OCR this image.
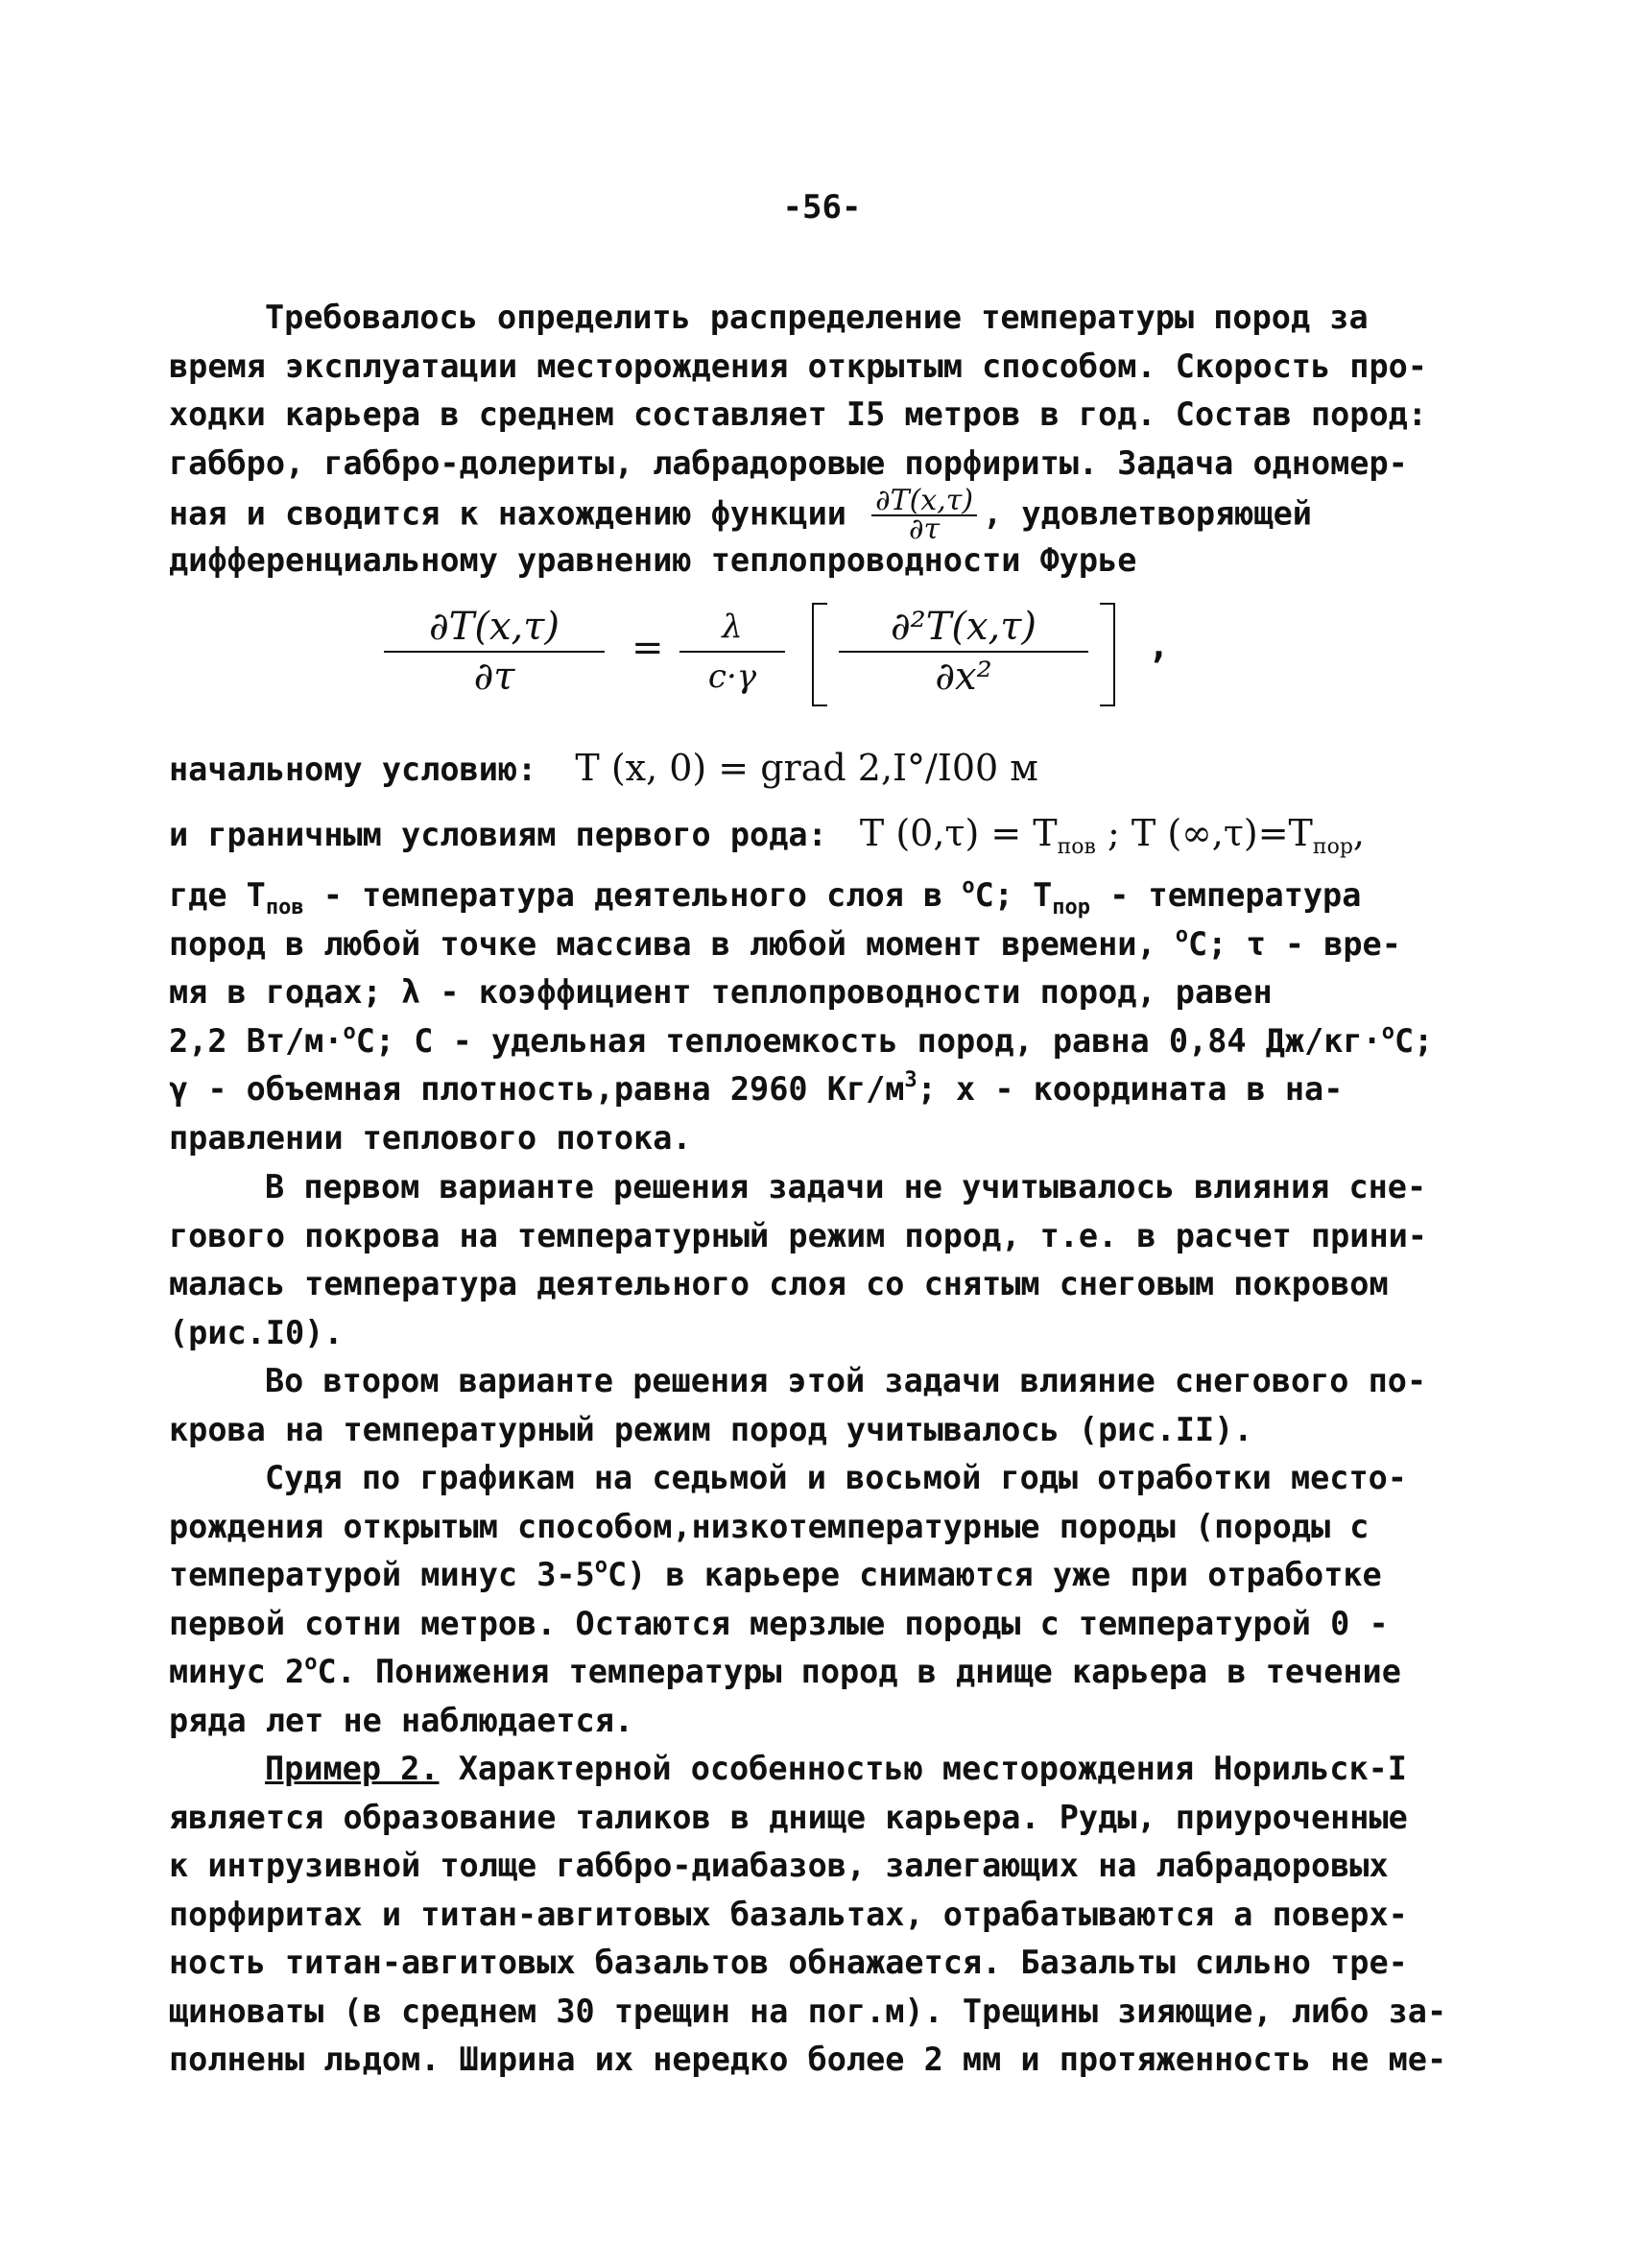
-56-
Требовалось определить распределение температуры пород за
время эксплуатации месторождения открытым способом. Скорость про-
ходки карьера в среднем составляет I5 метров в год. Состав пород:
габбро, габбро-долериты, лабрадоровые порфириты. Задача одномер-
ная и сводится к нахождению функции $\frac{\partial T(x,\tau)}{\partial\tau}$ , удовлетворяющей
дифференциальному уравнению теплопроводности Фурье
$\frac{\partial T(x,\tau)}{\partial\tau} = \frac{\lambda}{c\cdot\gamma} \frac{\text{∂²T(x,τ)}}{\text{∂x²}}$ ,
начальному условию: T (x, 0) = grad 2,I°/I00 м
и граничным условиям первого рода: T $(0,\tau) = T_{пов}$ ; T $(\infty,\tau)=T_{пор}$,
где $T_{пов}$ - температура деятельного слоя в $^o$C; $T_{пор}$ - температура
пород в любой точке массива в любой момент времени, $^o$C; τ - вре-
мя в годах; λ - коэффициент теплопроводности пород, равен
2,2 Вт/м·$^o$C; C - удельная теплоемкость пород, равна 0,84 Дж/кг·$^o$C;
γ - объемная плотность,равна 2960 $Кг/м^3$; x - координата в на-
правлении теплового потока.
В первом варианте решения задачи не учитывалось влияния сне-
гового покрова на температурный режим пород, т.е. в расчет прини-
малась температура деятельного слоя со снятым снеговым покровом
(рис.I0).
Во втором варианте решения этой задачи влияние снегового по-
крова на температурный режим пород учитывалось (рис.II).
Судя по графикам на седьмой и восьмой годы отработки место-
рождения открытым способом,низкотемпературные породы (породы с
температурой минус 3-5$^o$C) в карьере снимаются уже при отработке
первой сотни метров. Остаются мерзлые породы с температурой 0 -
минус 2$^o$C. Понижения температуры пород в днище карьера в течение
ряда лет не наблюдается.
Пример 2. Характерной особенностью месторождения Норильск-I
является образование таликов в днище карьера. Руды, приуроченные
к интрузивной толще габбро-диабазов, залегающих на лабрадоровых
порфиритах и титан-авгитовых базальтах, отрабатываются а поверх-
ность титан-авгитовых базальтов обнажается. Базальты сильно тре-
щиноваты (в среднем 30 трещин на пог.м). Трещины зияющие, либо за-
полнены льдом. Ширина их нередко более 2 мм и протяженность не ме-
